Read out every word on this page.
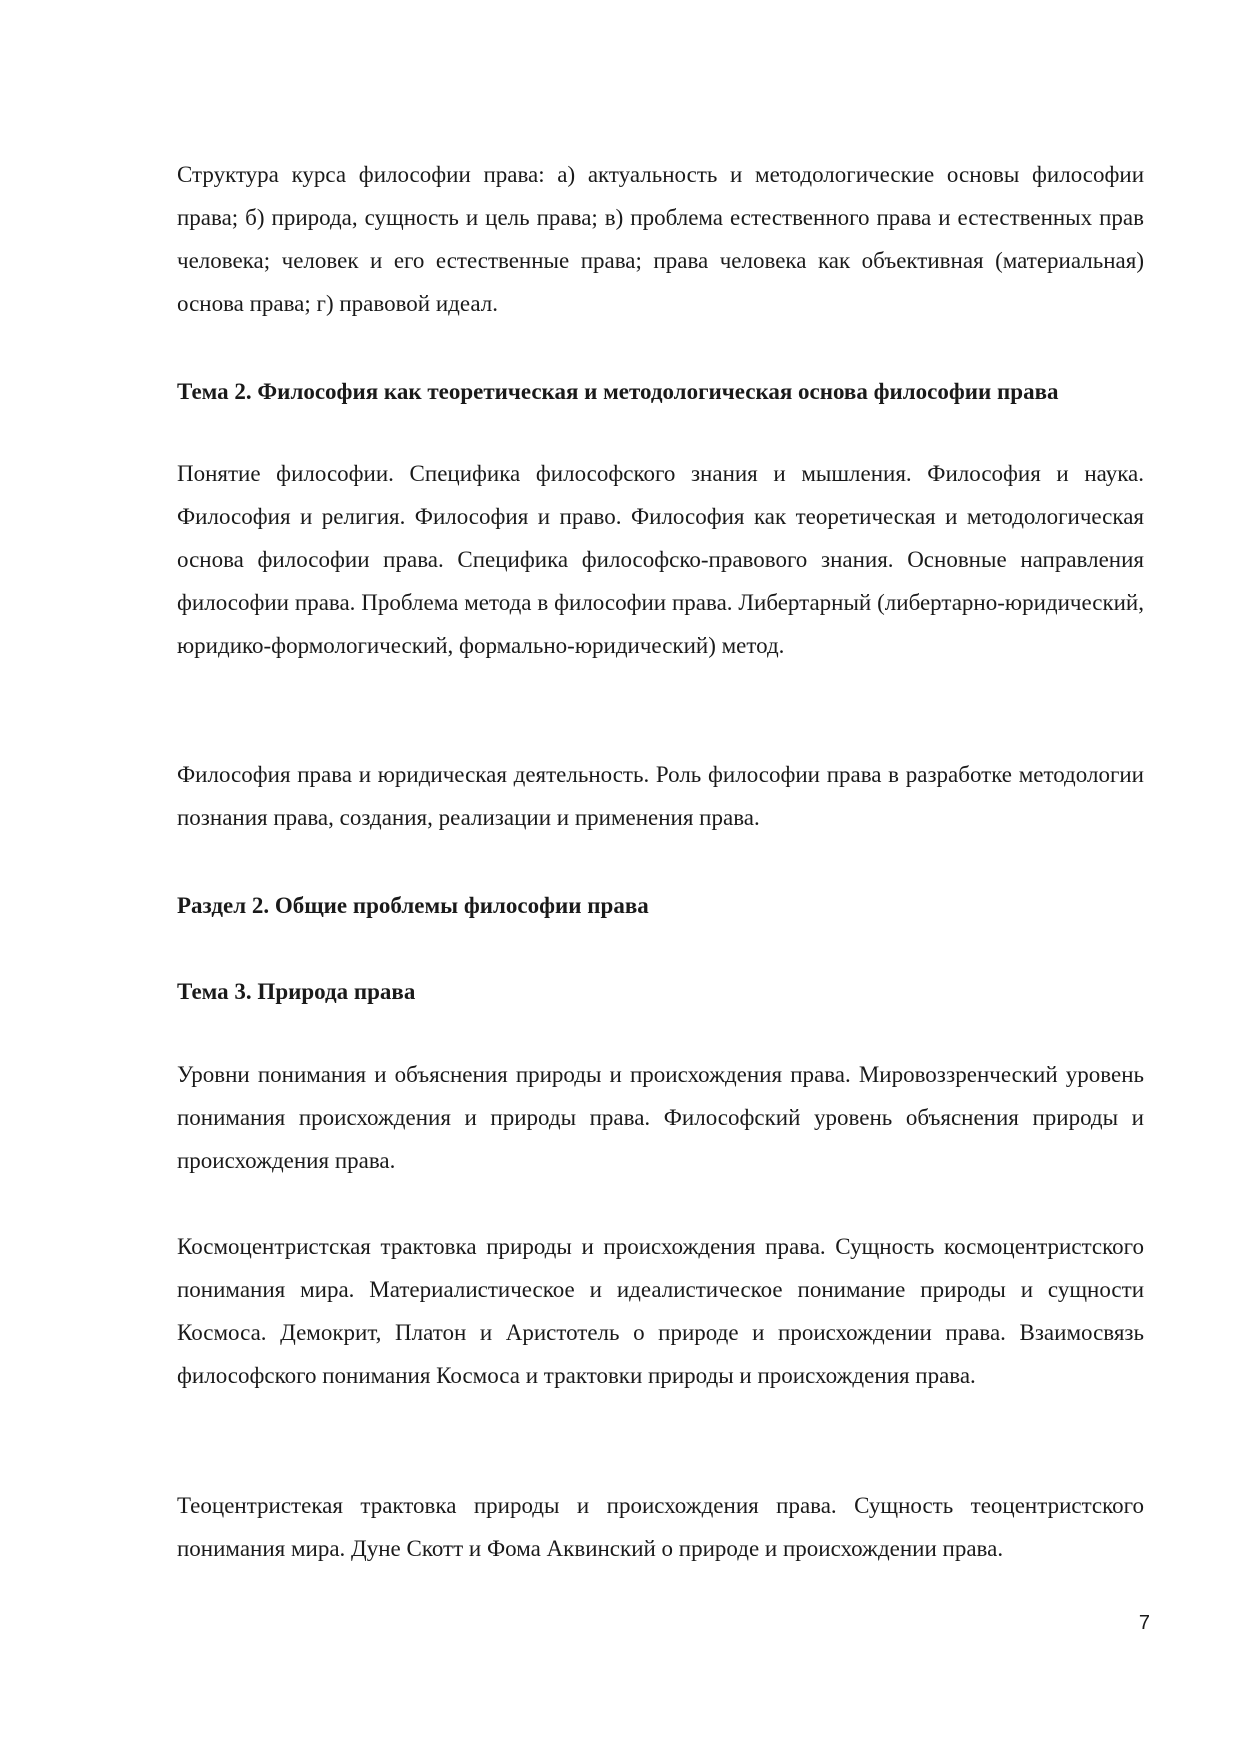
Структура курса философии права: а) актуальность и методологические основы философии права; б) природа, сущность и цель права; в) проблема естественного права и естественных прав человека; человек и его естественные права; права человека как объективная (материальная) основа права; г) правовой идеал.

Тема 2. Философия как теоретическая и методологическая основа философии права

Понятие философии. Специфика философского знания и мышления. Философия и наука. Философия и религия. Философия и право. Философия как теоретическая и методологическая основа философии права. Специфика философско-правового знания. Основные направления философии права. Проблема метода в философии права. Либертарный (либертарно-юридический, юридико-формологический, формально-юридический) метод.

Философия права и юридическая деятельность. Роль философии права в разработке методологии познания права, создания, реализации и применения права.

Раздел 2. Общие проблемы философии права
Тема 3. Природа права

Уровни понимания и объяснения природы и происхождения права. Мировоззренческий уровень понимания происхождения и природы права. Философский уровень объяснения природы и происхождения права.

Космоцентристская трактовка природы и происхождения права. Сущность космоцентристского понимания мира. Материалистическое и идеалистическое понимание природы и сущности Космоса. Демокрит, Платон и Аристотель о природе и происхождении права. Взаимосвязь философского понимания Космоса и трактовки природы и происхождения права.

Теоцентристекая трактовка природы и происхождения права. Сущность теоцентристского понимания мира. Дуне Скотт и Фома Аквинский о природе и происхождении права.

7
